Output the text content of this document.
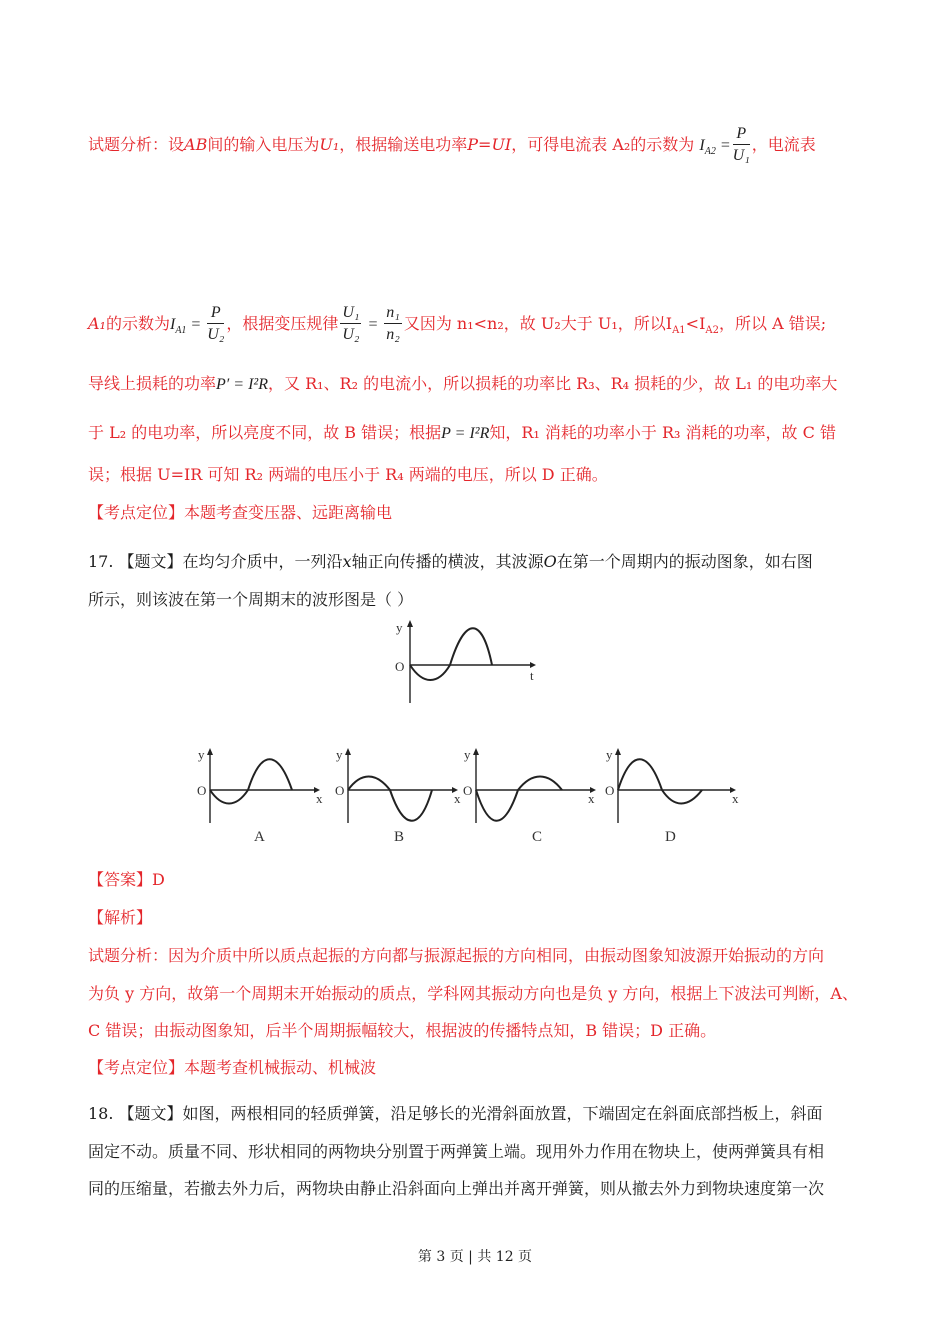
试题分析：设AB间的输入电压为U₁，根据输送电功率P=UI，可得电流表 A₂的示数为 $I_{A2} = \frac{P}{\text{U₁}}$ ，电流表
A₁的示数为$I_{A1} = \frac{P}{\text{U₂}}$ ，根据变压规律 $\frac{\text{U₁}}{\text{U₂}} = \frac{\text{n₁}}{\text{n₂}}$ 又因为 n₁<n₂，故 U₂大于 U₁，所以$I_{A1}<I_{A2}$，所以 A 错误;
导线上损耗的功率P′ = I²R，又 R₁、R₂ 的电流小，所以损耗的功率比 R₃、R₄ 损耗的少，故 L₁ 的电功率大
于 L₂ 的电功率，所以亮度不同，故 B 错误；根据P = I²R知，R₁ 消耗的功率小于 R₃ 消耗的功率，故 C 错
误；根据 U=IR 可知 R₂ 两端的电压小于 R₄ 两端的电压，所以 D 正确。
【考点定位】本题考查变压器、远距离输电
17. 【题文】在均匀介质中，一列沿x轴正向传播的横波，其波源O在第一个周期内的振动图象，如右图
所示，则该波在第一个周期末的波形图是（ ）
y
O
t
y
O
x
y
O
x
y
O
x
y
O
x
A	B	C	D
【答案】D
【解析】
试题分析：因为介质中所以质点起振的方向都与振源起振的方向相同，由振动图象知波源开始振动的方向
为负 y 方向，故第一个周期末开始振动的质点，学科网其振动方向也是负 y 方向，根据上下波法可判断，A、
C 错误；由振动图象知，后半个周期振幅较大，根据波的传播特点知，B 错误；D 正确。
【考点定位】本题考查机械振动、机械波
18. 【题文】如图，两根相同的轻质弹簧，沿足够长的光滑斜面放置，下端固定在斜面底部挡板上，斜面
固定不动。质量不同、形状相同的两物块分别置于两弹簧上端。现用外力作用在物块上，使两弹簧具有相
同的压缩量，若撤去外力后，两物块由静止沿斜面向上弹出并离开弹簧，则从撤去外力到物块速度第一次
第 3 页 | 共 12 页
